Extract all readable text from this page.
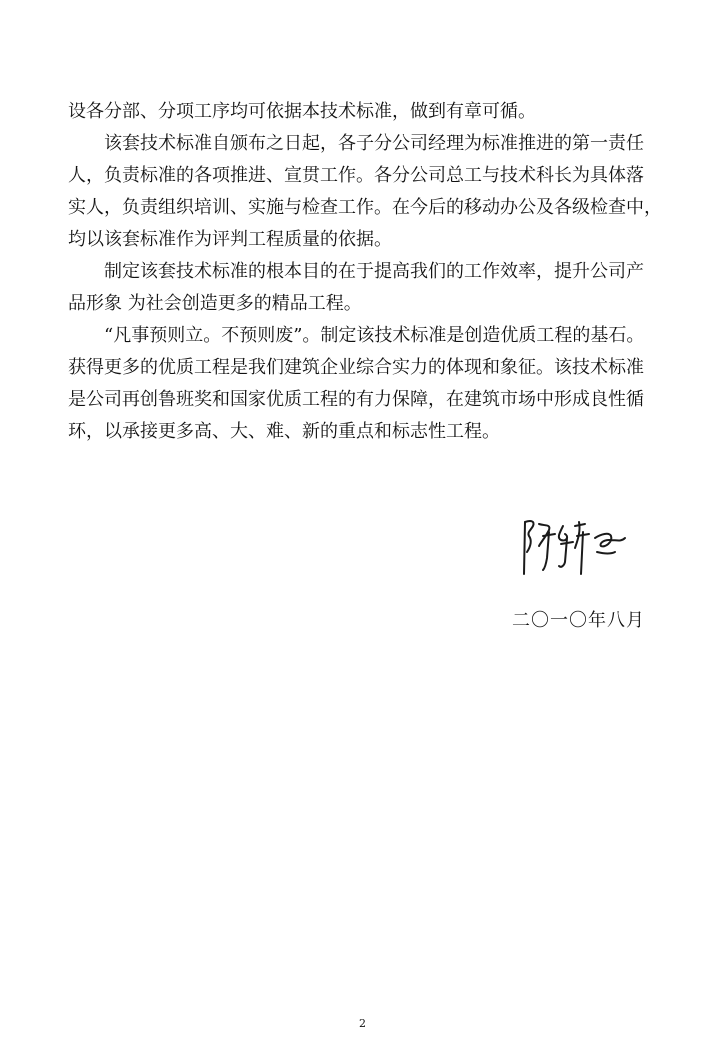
设各分部、分项工序均可依据本技术标准，做到有章可循。
该套技术标准自颁布之日起，各子分公司经理为标准推进的第一责任
人，负责标准的各项推进、宣贯工作。各分公司总工与技术科长为具体落
实人，负责组织培训、实施与检查工作。在今后的移动办公及各级检查中，
均以该套标准作为评判工程质量的依据。
制定该套技术标准的根本目的在于提高我们的工作效率，提升公司产
品形象 为社会创造更多的精品工程。
“凡事预则立。不预则废”。制定该技术标准是创造优质工程的基石。
获得更多的优质工程是我们建筑企业综合实力的体现和象征。该技术标准
是公司再创鲁班奖和国家优质工程的有力保障，在建筑市场中形成良性循
环，以承接更多高、大、难、新的重点和标志性工程。
二〇一〇年八月
2
